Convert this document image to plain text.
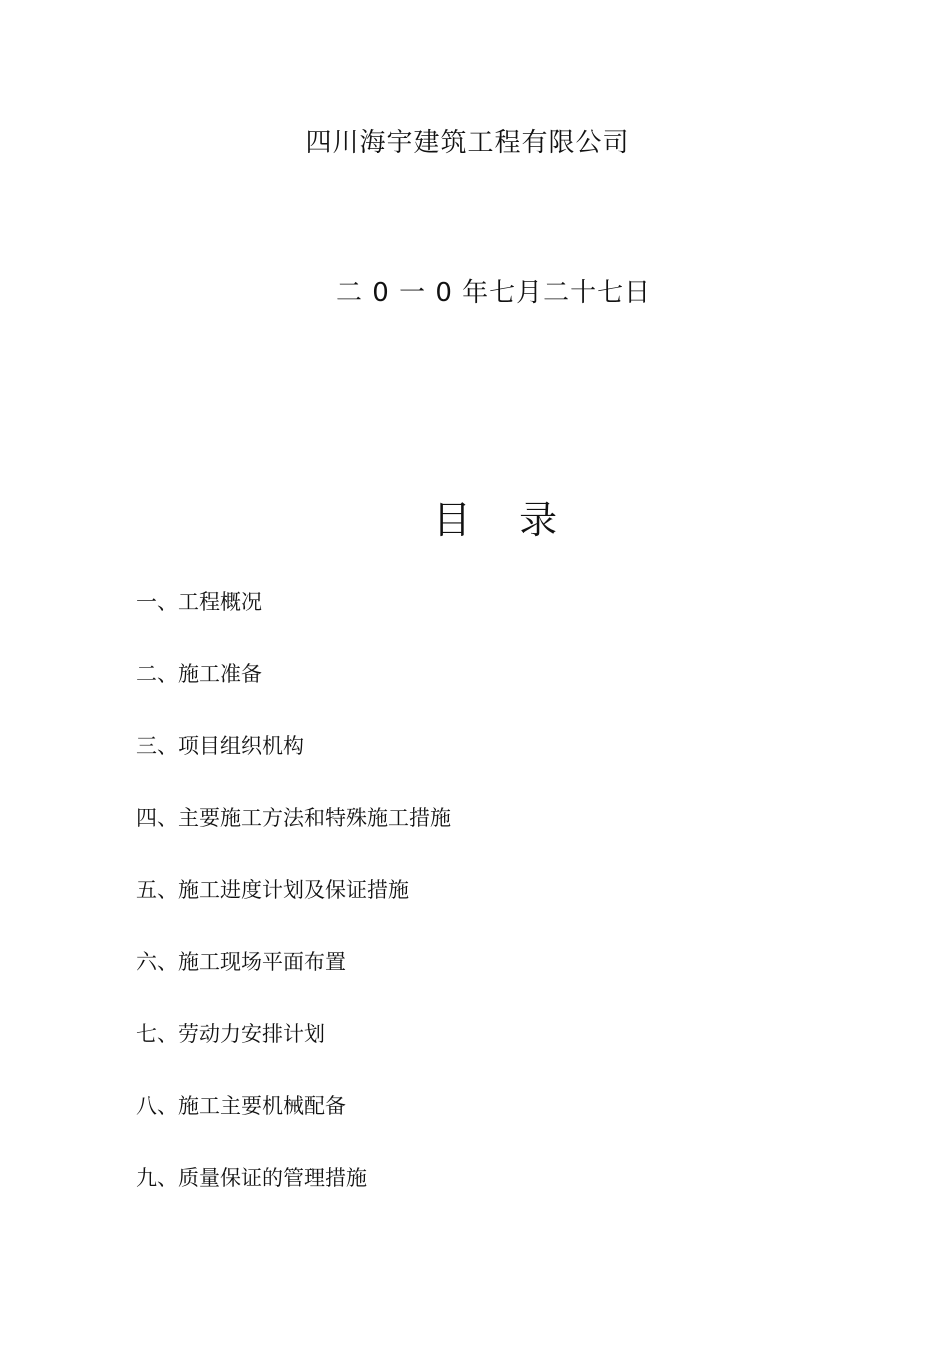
四川海宇建筑工程有限公司
二 0 一 0 年七月二十七日
目    录
一、工程概况
二、施工准备
三、项目组织机构
四、主要施工方法和特殊施工措施
五、施工进度计划及保证措施
六、施工现场平面布置
七、劳动力安排计划
八、施工主要机械配备
九、质量保证的管理措施
